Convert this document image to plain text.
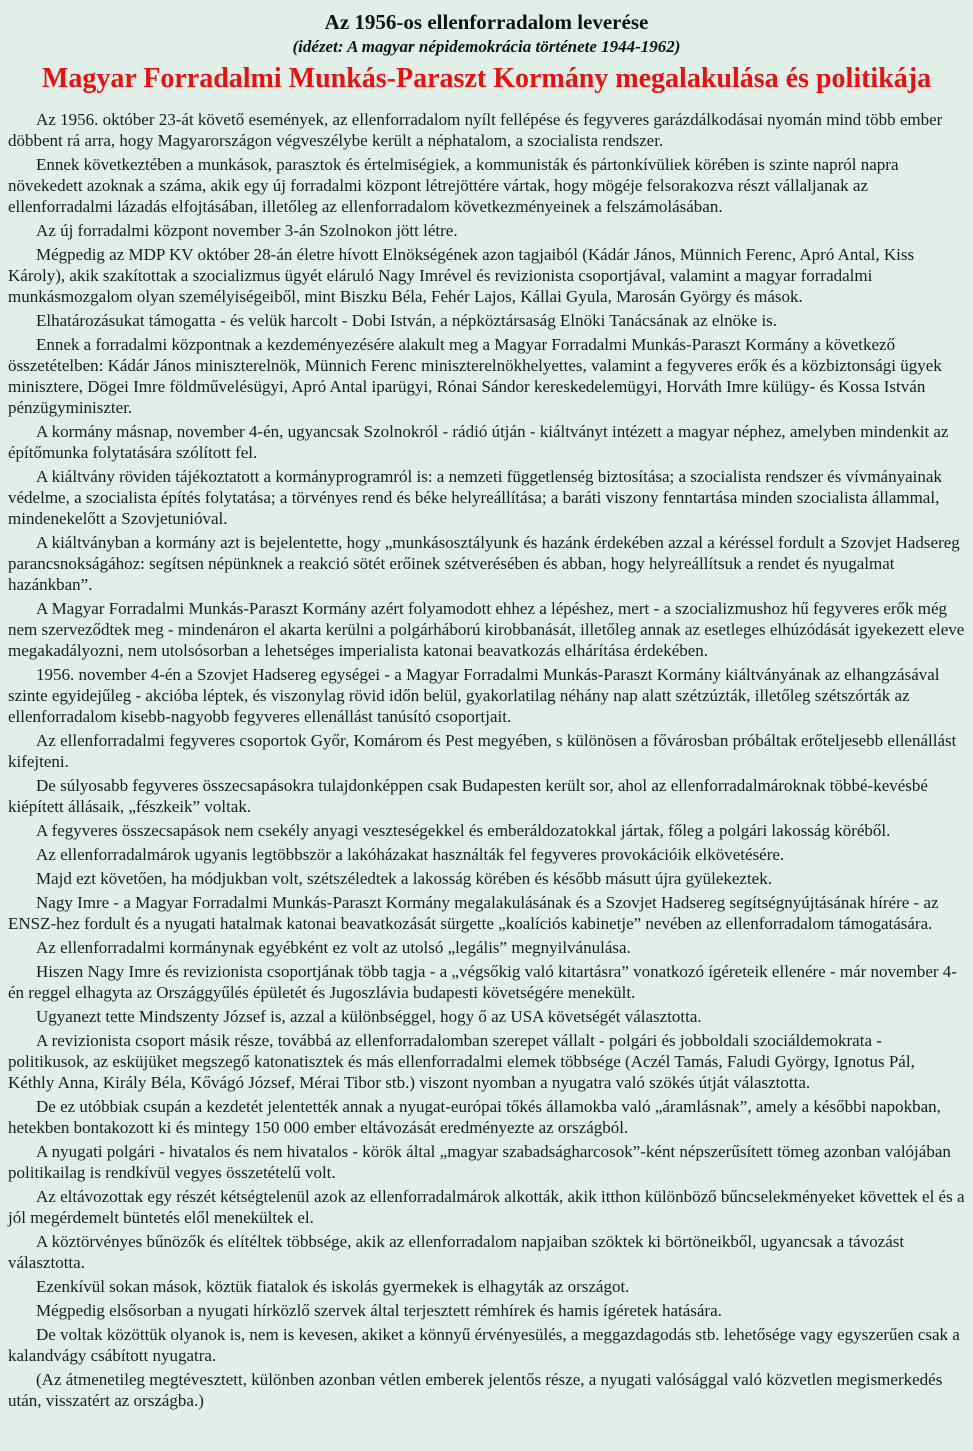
Az 1956-os ellenforradalom leverése
(idézet: A magyar népidemokrácia története 1944-1962)
Magyar Forradalmi Munkás-Paraszt Kormány megalakulása és politikája

Az 1956. október 23-át követő események, az ellenforradalom nyílt fellépése és fegyveres garázdálkodásai nyomán mind több ember döbbent rá arra, hogy Magyarországon végveszélybe került a néphatalom, a szocialista rendszer.

Ennek következtében a munkások, parasztok és értelmiségiek, a kommunisták és pártonkívüliek körében is szinte napról napra növekedett azoknak a száma, akik egy új forradalmi központ létrejöttére vártak, hogy mögéje felsorakozva részt vállaljanak az ellenforradalmi lázadás elfojtásában, illetőleg az ellenforradalom következményeinek a felszámolásában.

Az új forradalmi központ november 3-án Szolnokon jött létre.

Mégpedig az MDP KV október 28-án életre hívott Elnökségének azon tagjaiból (Kádár János, Münnich Ferenc, Apró Antal, Kiss Károly), akik szakítottak a szocializmus ügyét eláruló Nagy Imrével és revizionista csoportjával, valamint a magyar forradalmi munkásmozgalom olyan személyiségeiből, mint Biszku Béla, Fehér Lajos, Kállai Gyula, Marosán György és mások.

Elhatározásukat támogatta - és velük harcolt - Dobi István, a népköztársaság Elnöki Tanácsának az elnöke is.

Ennek a forradalmi központnak a kezdeményezésére alakult meg a Magyar Forradalmi Munkás-Paraszt Kormány a következő összetételben: Kádár János miniszterelnök, Münnich Ferenc miniszterelnökhelyettes, valamint a fegyveres erők és a közbiztonsági ügyek minisztere, Dögei Imre földművelésügyi, Apró Antal iparügyi, Rónai Sándor kereskedelemügyi, Horváth Imre külügy- és Kossa István pénzügyminiszter.

A kormány másnap, november 4-én, ugyancsak Szolnokról - rádió útján - kiáltványt intézett a magyar néphez, amelyben mindenkit az építőmunka folytatására szólított fel.

A kiáltvány röviden tájékoztatott a kormányprogramról is: a nemzeti függetlenség biztosítása; a szocialista rendszer és vívmányainak védelme, a szocialista építés folytatása; a törvényes rend és béke helyreállítása; a baráti viszony fenntartása minden szocialista állammal, mindenekelőtt a Szovjetunióval.

A kiáltványban a kormány azt is bejelentette, hogy „munkásosztályunk és hazánk érdekében azzal a kéréssel fordult a Szovjet Hadsereg parancsnokságához: segítsen népünknek a reakció sötét erőinek szétverésében és abban, hogy helyreállítsuk a rendet és nyugalmat hazánkban”.

A Magyar Forradalmi Munkás-Paraszt Kormány azért folyamodott ehhez a lépéshez, mert - a szocializmushoz hű fegyveres erők még nem szerveződtek meg - mindenáron el akarta kerülni a polgárháború kirobbanását, illetőleg annak az esetleges elhúzódását igyekezett eleve megakadályozni, nem utolsósorban a lehetséges imperialista katonai beavatkozás elhárítása érdekében.

1956. november 4-én a Szovjet Hadsereg egységei - a Magyar Forradalmi Munkás-Paraszt Kormány kiáltványának az elhangzásával szinte egyidejűleg - akcióba léptek, és viszonylag rövid időn belül, gyakorlatilag néhány nap alatt szétzúzták, illetőleg szétszórták az ellenforradalom kisebb-nagyobb fegyveres ellenállást tanúsító csoportjait.

Az ellenforradalmi fegyveres csoportok Győr, Komárom és Pest megyében, s különösen a fővárosban próbáltak erőteljesebb ellenállást kifejteni.

De súlyosabb fegyveres összecsapásokra tulajdonképpen csak Budapesten került sor, ahol az ellenforradalmároknak többé-kevésbé kiépített állásaik, „fészkeik” voltak.

A fegyveres összecsapások nem csekély anyagi veszteségekkel és emberáldozatokkal jártak, főleg a polgári lakosság köréből.

Az ellenforradalmárok ugyanis legtöbbször a lakóházakat használták fel fegyveres provokációik elkövetésére.

Majd ezt követően, ha módjukban volt, szétszéledtek a lakosság körében és később másutt újra gyülekeztek.

Nagy Imre - a Magyar Forradalmi Munkás-Paraszt Kormány megalakulásának és a Szovjet Hadsereg segítségnyújtásának hírére - az ENSZ-hez fordult és a nyugati hatalmak katonai beavatkozását sürgette „koalíciós kabinetje” nevében az ellenforradalom támogatására.

Az ellenforradalmi kormánynak egyébként ez volt az utolsó „legális” megnyilvánulása.

Hiszen Nagy Imre és revizionista csoportjának több tagja - a „végsőkig való kitartásra” vonatkozó ígéreteik ellenére - már november 4-én reggel elhagyta az Országgyűlés épületét és Jugoszlávia budapesti követségére menekült.

Ugyanezt tette Mindszenty József is, azzal a különbséggel, hogy ő az USA követségét választotta.

A revizionista csoport másik része, továbbá az ellenforradalomban szerepet vállalt - polgári és jobboldali szociáldemokrata - politikusok, az esküjüket megszegő katonatisztek és más ellenforradalmi elemek többsége (Aczél Tamás, Faludi György, Ignotus Pál, Kéthly Anna, Király Béla, Kővágó József, Mérai Tibor stb.) viszont nyomban a nyugatra való szökés útját választotta.

De ez utóbbiak csupán a kezdetét jelentették annak a nyugat-európai tőkés államokba való „áramlásnak”, amely a későbbi napokban, hetekben bontakozott ki és mintegy 150 000 ember eltávozását eredményezte az országból.

A nyugati polgári - hivatalos és nem hivatalos - körök által „magyar szabadságharcosok”-ként népszerűsített tömeg azonban valójában politikailag is rendkívül vegyes összetételű volt.

Az eltávozottak egy részét kétségtelenül azok az ellenforradalmárok alkották, akik itthon különböző bűncselekményeket követtek el és a jól megérdemelt büntetés elől menekültek el.

A köztörvényes bűnözők és elítéltek többsége, akik az ellenforradalom napjaiban szöktek ki börtöneikből, ugyancsak a távozást választotta.

Ezenkívül sokan mások, köztük fiatalok és iskolás gyermekek is elhagyták az országot.

Mégpedig elsősorban a nyugati hírközlő szervek által terjesztett rémhírek és hamis ígéretek hatására.

De voltak közöttük olyanok is, nem is kevesen, akiket a könnyű érvényesülés, a meggazdagodás stb. lehetősége vagy egyszerűen csak a kalandvágy csábított nyugatra.

(Az átmenetileg megtévesztett, különben azonban vétlen emberek jelentős része, a nyugati valósággal való közvetlen megismerkedés után, visszatért az országba.)
